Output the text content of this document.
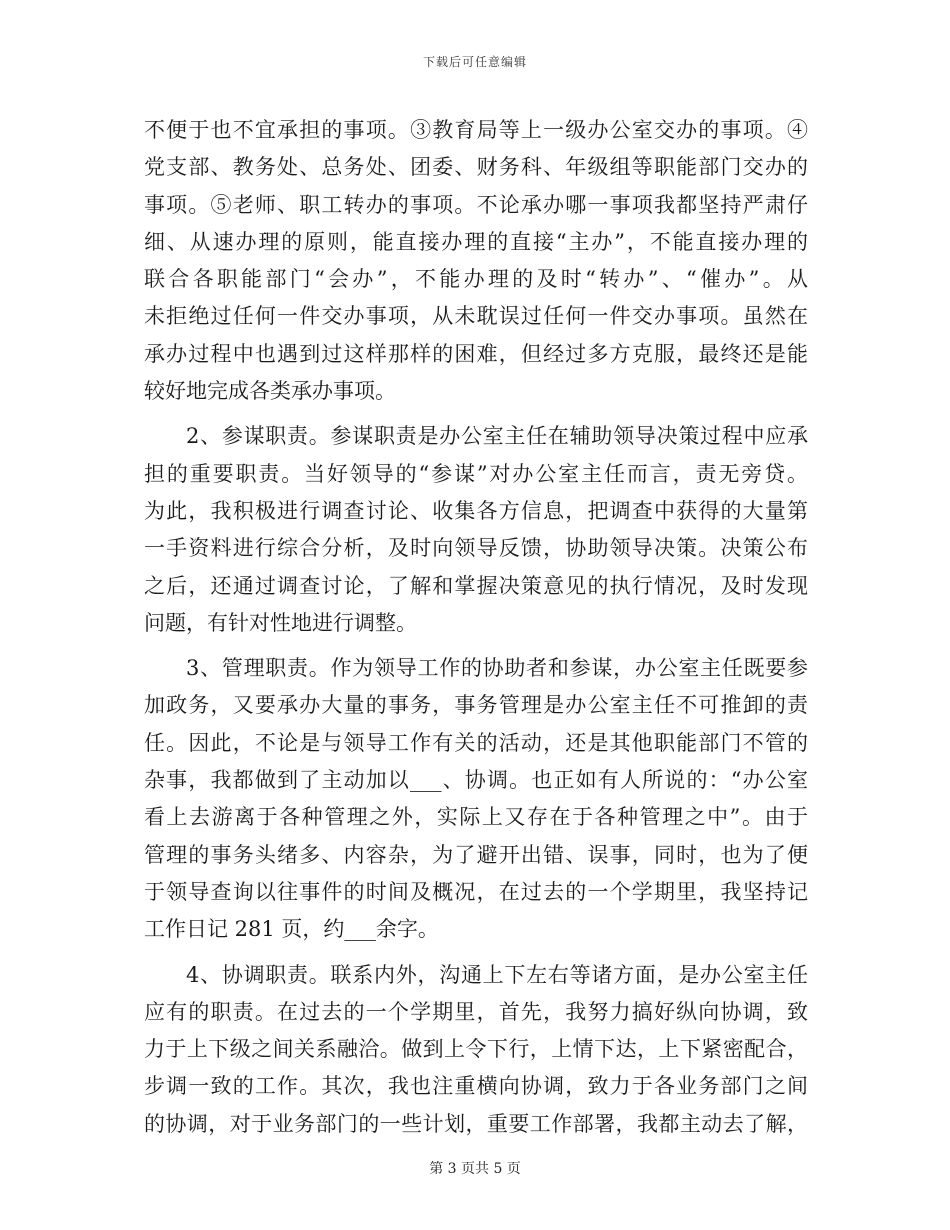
下载后可任意编辑
不便于也不宜承担的事项。③教育局等上一级办公室交办的事项。④
党支部、教务处、总务处、团委、财务科、年级组等职能部门交办的
事项。⑤老师、职工转办的事项。不论承办哪一事项我都坚持严肃仔
细、从速办理的原则，能直接办理的直接“主办”，不能直接办理的
联合各职能部门“会办”，不能办理的及时“转办”、“催办”。从
未拒绝过任何一件交办事项，从未耽误过任何一件交办事项。虽然在
承办过程中也遇到过这样那样的困难，但经过多方克服，最终还是能
较好地完成各类承办事项。
2、参谋职责。参谋职责是办公室主任在辅助领导决策过程中应承
担的重要职责。当好领导的“参谋”对办公室主任而言，责无旁贷。
为此，我积极进行调查讨论、收集各方信息，把调查中获得的大量第
一手资料进行综合分析，及时向领导反馈，协助领导决策。决策公布
之后，还通过调查讨论，了解和掌握决策意见的执行情况，及时发现
问题，有针对性地进行调整。
3、管理职责。作为领导工作的协助者和参谋，办公室主任既要参
加政务，又要承办大量的事务，事务管理是办公室主任不可推卸的责
任。因此，不论是与领导工作有关的活动，还是其他职能部门不管的
杂事，我都做到了主动加以___、协调。也正如有人所说的：“办公室
看上去游离于各种管理之外，实际上又存在于各种管理之中”。由于
管理的事务头绪多、内容杂，为了避开出错、误事，同时，也为了便
于领导查询以往事件的时间及概况，在过去的一个学期里，我坚持记
工作日记 281 页，约___余字。
4、协调职责。联系内外，沟通上下左右等诸方面，是办公室主任
应有的职责。在过去的一个学期里，首先，我努力搞好纵向协调，致
力于上下级之间关系融洽。做到上令下行，上情下达，上下紧密配合，
步调一致的工作。其次，我也注重横向协调，致力于各业务部门之间
的协调，对于业务部门的一些计划，重要工作部署，我都主动去了解，
第 3 页共 5 页
